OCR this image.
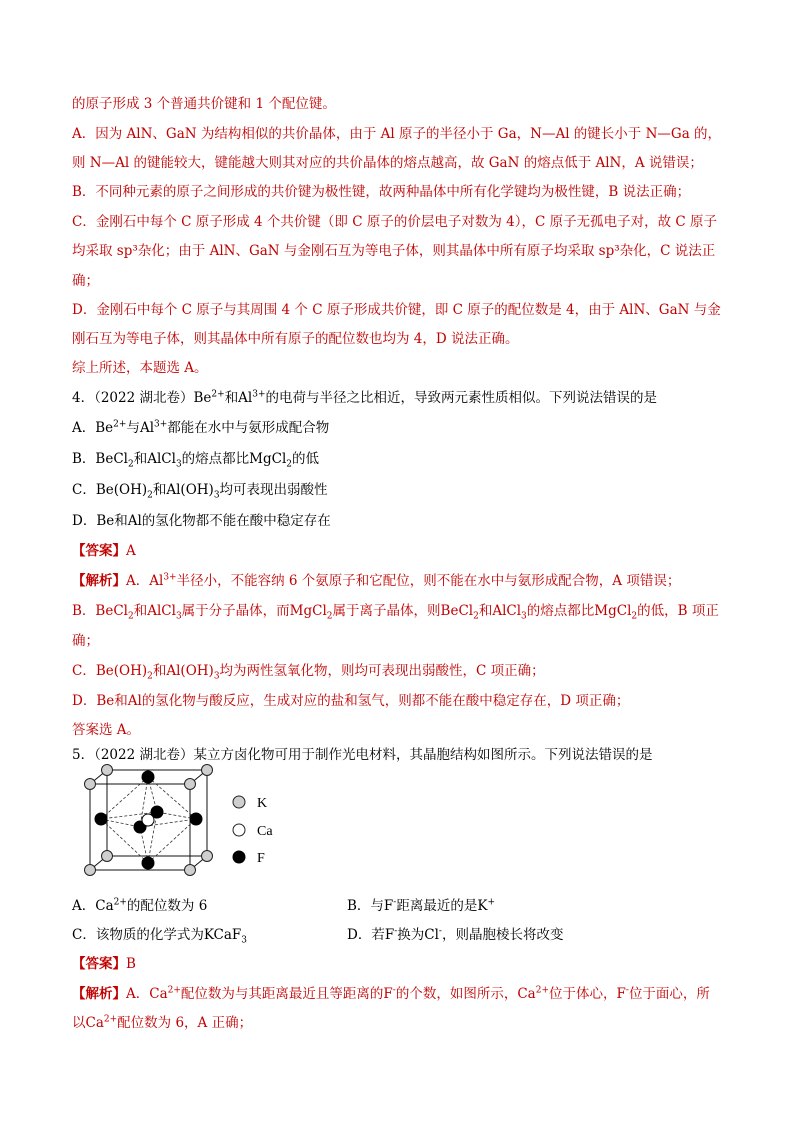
的原子形成 3 个普通共价键和 1 个配位键。
A．因为 AlN、GaN 为结构相似的共价晶体，由于 Al 原子的半径小于 Ga，N—Al 的键长小于 N—Ga 的，
则 N—Al 的键能较大，键能越大则其对应的共价晶体的熔点越高，故 GaN 的熔点低于 AlN，A 说错误；
B．不同种元素的原子之间形成的共价键为极性键，故两种晶体中所有化学键均为极性键，B 说法正确；
C．金刚石中每个 C 原子形成 4 个共价键（即 C 原子的价层电子对数为 4），C 原子无孤电子对，故 C 原子
均采取 sp³杂化；由于 AlN、GaN 与金刚石互为等电子体，则其晶体中所有原子均采取 sp³杂化，C 说法正
确；
D．金刚石中每个 C 原子与其周围 4 个 C 原子形成共价键，即 C 原子的配位数是 4，由于 AlN、GaN 与金
刚石互为等电子体，则其晶体中所有原子的配位数也均为 4，D 说法正确。
综上所述，本题选 A。
4．（2022 湖北卷）$Be^{2+}$和$Al^{3+}$的电荷与半径之比相近，导致两元素性质相似。下列说法错误的是
A．$Be^{2+}$与$Al^{3+}$都能在水中与氨形成配合物
B．BeCl$_2$和AlCl$_3$的熔点都比MgCl$_2$的低
C．$Be(OH)_2$和$Al(OH)_3$均可表现出弱酸性
D．Be和Al的氢化物都不能在酸中稳定存在
【答案】A
【解析】A．$Al^{3+}$半径小，不能容纳 6 个氨原子和它配位，则不能在水中与氨形成配合物，A 项错误；
B．BeCl$_2$和AlCl$_3$属于分子晶体，而MgCl$_2$属于离子晶体，则BeCl$_2$和AlCl$_3$的熔点都比MgCl$_2$的低，B 项正
确；
C．$Be(OH)_2$和$Al(OH)_3$均为两性氢氧化物，则均可表现出弱酸性，C 项正确；
D．Be和Al的氢化物与酸反应，生成对应的盐和氢气，则都不能在酸中稳定存在，D 项正确；
答案选 A。
5．（2022 湖北卷）某立方卤化物可用于制作光电材料，其晶胞结构如图所示。下列说法错误的是
K
Ca
F
A．$Ca^{2+}$的配位数为 6	B．与F-距离最近的是K+
C．该物质的化学式为KCaF$_3$	D．若F-换为Cl-，则晶胞棱长将改变
【答案】B
【解析】A．$Ca^{2+}$配位数为与其距离最近且等距离的F-的个数，如图所示，$Ca^{2+}$位于体心，F-位于面心，所
以$Ca^{2+}$配位数为 6，A 正确；
